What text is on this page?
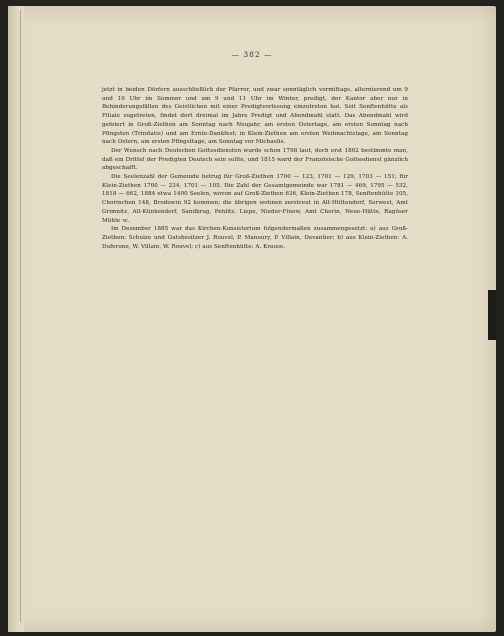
— 382 —

jetzt in beiden Dörfern ausschließlich der Pfarrer, und zwar sonntäglich vormittags, alternierend um 9 und 10 Uhr im Sommer und um 9 und 11 Uhr im Winter, predigt, der Kantor aber nur in Behinderungsfällen des Geistlichen mit einer Predigtvorlesung einzutreten hat. Seit Senftenhütte als Filiale zugetreten, findet dort dreimal im Jahre Predigt und Abendmahl statt. Das Abendmahl wird gefeiert in Groß-Ziethen am Sonntag nach Neujahr, am ersten Ostertage, am ersten Sonntag nach Pfingsten (Trinitatis) und am Ernte-Dankfest; in Klein-Ziethen am ersten Weihnachtstage, am Sonntag nach Ostern, am ersten Pfingsttage, am Sonntag vor Michaelis.

Der Wunsch nach Deutschen Gottesdiensten wurde schon 1798 laut, doch erst 1802 bestimmte man, daß ein Drittel der Predigten Deutsch sein sollte, und 1815 ward der Französische Gottesdienst gänzlich abgeschafft.

Die Seelenzahl der Gemeinde betrug für Groß-Ziethen 1700 — 123, 1701 — 129, 1703 — 151; für Klein-Ziethen 1700 — 234, 1701 — 105. Die Zahl der Gesamtgemeinde war 1781 — 469, 1795 — 532, 1818 — 662, 1884 etwa 1400 Seelen, wovon auf Groß-Ziethen 636, Klein-Ziethen 178, Senftenhütte 105, Chorinchen 148, Brodowin 92 kommen; die übrigen wohnen zerstreut in Alt-Hüttendorf, Serwest, Amt Grimnitz, Alt-Künkendorf, Sandkrug, Pehlitz, Liepe, Nieder-Finow, Amt Chorin, Neue-Hütte, Ragöser Mühle ꝛc.

Im Dezember 1885 war das Kirchen-Konsistorium folgendermaßen zusammengesetzt: a) aus Groß-Ziethen: Schulze und Gutsbesitzer J. Rouvel, P. Manoury, P. Villain, Devantier; b) aus Klein-Ziethen: A. Duferone, W. Villain, W. Rouvel; c) aus Senftenhütte: A. Krause.
